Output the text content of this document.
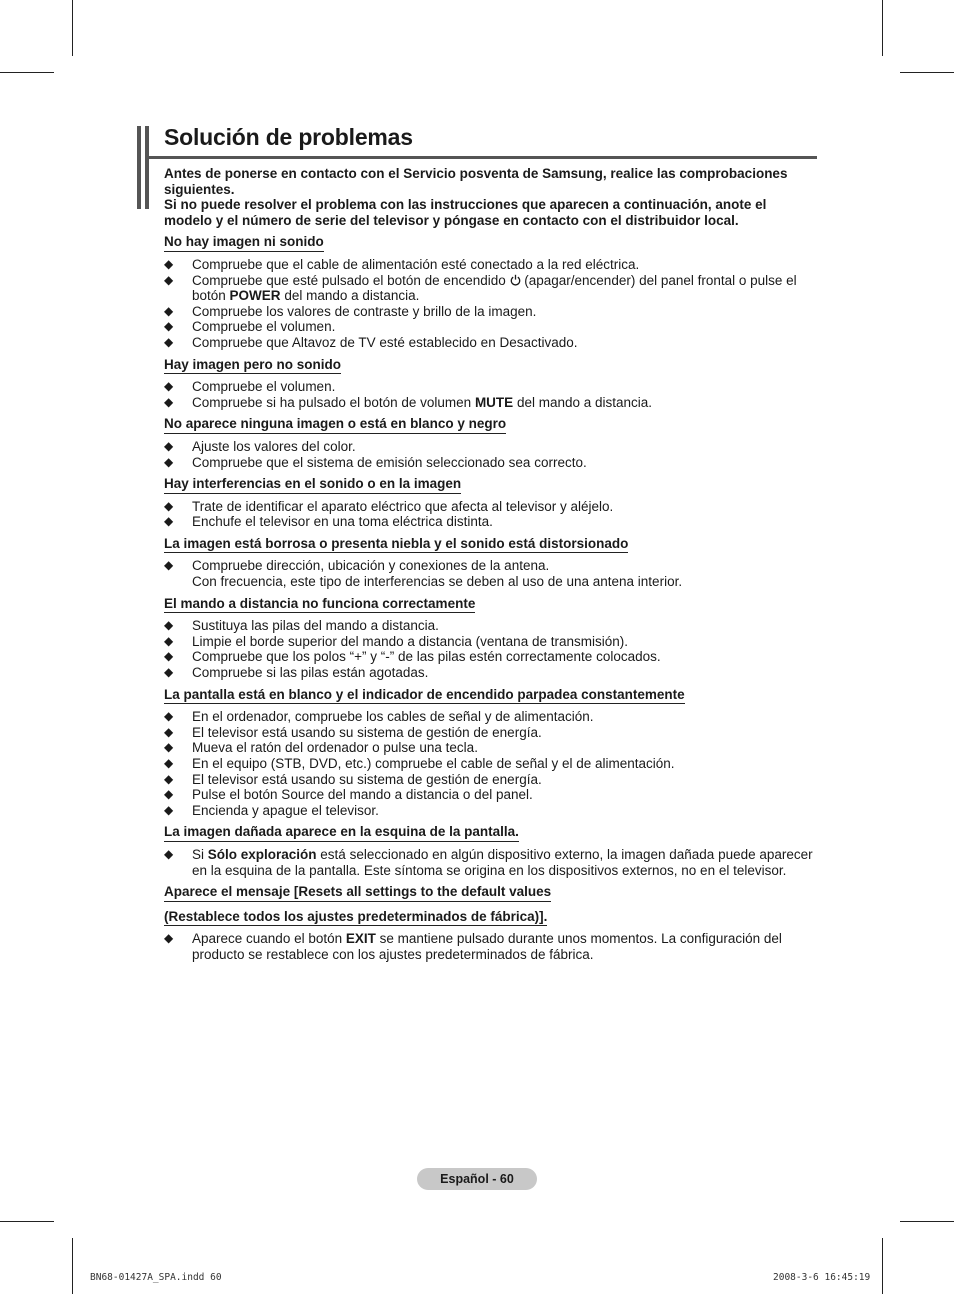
Solución de problemas

Antes de ponerse en contacto con el Servicio posventa de Samsung, realice las comprobaciones siguientes.

Si no puede resolver el problema con las instrucciones que aparecen a continuación, anote el modelo y el número de serie del televisor y póngase en contacto con el distribuidor local.

No hay imagen ni sonido
◆ Compruebe que el cable de alimentación esté conectado a la red eléctrica.
◆ Compruebe que esté pulsado el botón de encendido  (apagar/encender) del panel frontal o pulse el botón POWER del mando a distancia.
◆ Compruebe los valores de contraste y brillo de la imagen.
◆ Compruebe el volumen.
◆ Compruebe que Altavoz de TV esté establecido en Desactivado.
Hay imagen pero no sonido
◆ Compruebe el volumen.
◆ Compruebe si ha pulsado el botón de volumen MUTE del mando a distancia.
No aparece ninguna imagen o está en blanco y negro
◆ Ajuste los valores del color.
◆ Compruebe que el sistema de emisión seleccionado sea correcto.
Hay interferencias en el sonido o en la imagen
◆ Trate de identificar el aparato eléctrico que afecta al televisor y aléjelo.
◆ Enchufe el televisor en una toma eléctrica distinta.
La imagen está borrosa o presenta niebla y el sonido está distorsionado
◆ Compruebe dirección, ubicación y conexiones de la antena.
Con frecuencia, este tipo de interferencias se deben al uso de una antena interior.
El mando a distancia no funciona correctamente
◆ Sustituya las pilas del mando a distancia.
◆ Limpie el borde superior del mando a distancia (ventana de transmisión).
◆ Compruebe que los polos “+” y “-” de las pilas estén correctamente colocados.
◆ Compruebe si las pilas están agotadas.
La pantalla está en blanco y el indicador de encendido parpadea constantemente
◆ En el ordenador, compruebe los cables de señal y de alimentación.
◆ El televisor está usando su sistema de gestión de energía.
◆ Mueva el ratón del ordenador o pulse una tecla.
◆ En el equipo (STB, DVD, etc.) compruebe el cable de señal y el de alimentación.
◆ El televisor está usando su sistema de gestión de energía.
◆ Pulse el botón Source del mando a distancia o del panel.
◆ Encienda y apague el televisor.
La imagen dañada aparece en la esquina de la pantalla.
◆ Si Sólo exploración está seleccionado en algún dispositivo externo, la imagen dañada puede aparecer en la esquina de la pantalla. Este síntoma se origina en los dispositivos externos, no en el televisor.
Aparece el mensaje [Resets all settings to the default values
(Restablece todos los ajustes predeterminados de fábrica)].
◆ Aparece cuando el botón EXIT se mantiene pulsado durante unos momentos. La configuración del producto se restablece con los ajustes predeterminados de fábrica.
Español - 60
BN68-01427A_SPA.indd 60	2008-3-6 16:45:19
